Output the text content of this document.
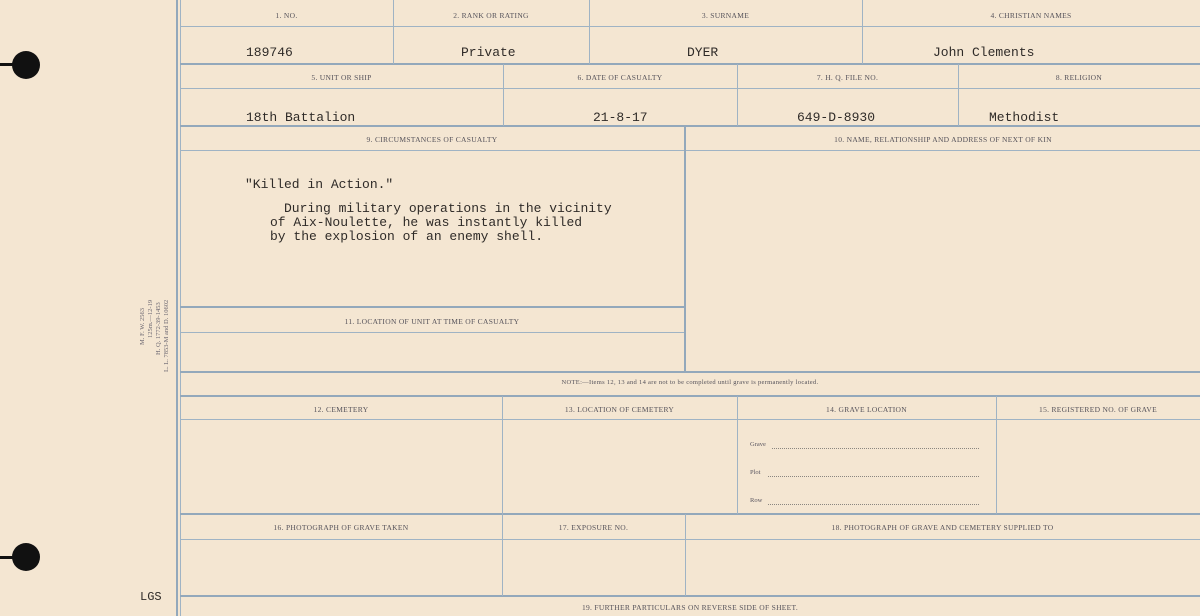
M. F. W. 2563 125m.—12-19 H. Q. 1772-39-1453 L. L. 7853-M and D. 10602
LGS
1. NO.	2. RANK OR RATING	3. SURNAME	4. CHRISTIAN NAMES
189746	Private	DYER	John Clements
5. UNIT OR SHIP	6. DATE OF CASUALTY	7. H. Q. FILE NO.	8. RELIGION
18th Battalion	21-8-17	649-D-8930	Methodist
9. CIRCUMSTANCES OF CASUALTY	10. NAME, RELATIONSHIP AND ADDRESS OF NEXT OF KIN
"Killed in Action."
During military operations in the vicinity
of Aix-Noulette, he was instantly killed
by the explosion of an enemy shell.
11. LOCATION OF UNIT AT TIME OF CASUALTY
NOTE:—Items 12, 13 and 14 are not to be completed until grave is permanently located.
12. CEMETERY	13. LOCATION OF CEMETERY	14. GRAVE LOCATION	15. REGISTERED NO. OF GRAVE
Grave
Plot
Row
16. PHOTOGRAPH OF GRAVE TAKEN	17. EXPOSURE NO.	18. PHOTOGRAPH OF GRAVE AND CEMETERY SUPPLIED TO
19. FURTHER PARTICULARS ON REVERSE SIDE OF SHEET.
